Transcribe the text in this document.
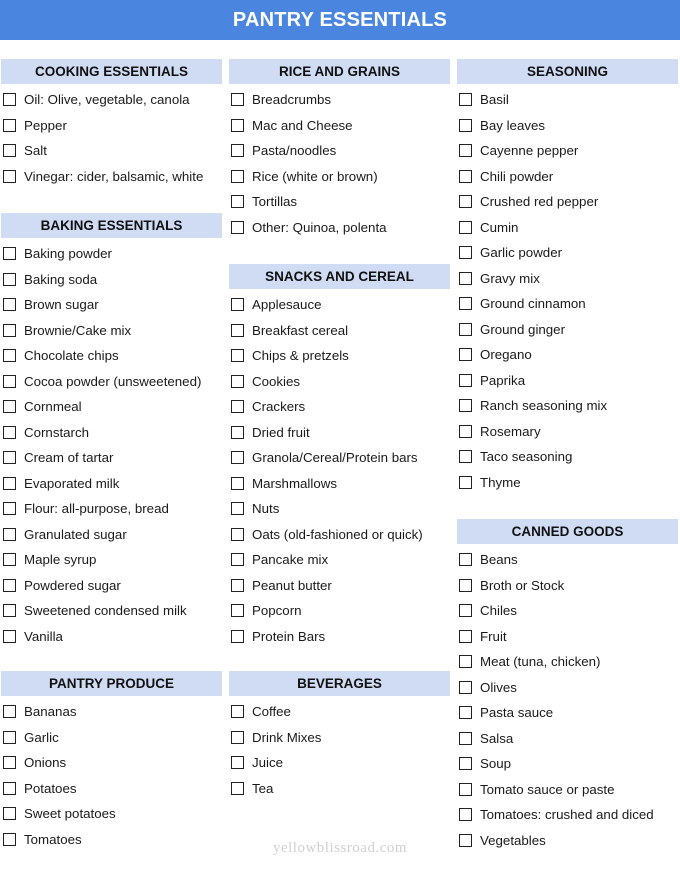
PANTRY ESSENTIALS
COOKING ESSENTIALS
Oil: Olive, vegetable, canola
Pepper
Salt
Vinegar: cider, balsamic, white
BAKING ESSENTIALS
Baking powder
Baking soda
Brown sugar
Brownie/Cake mix
Chocolate chips
Cocoa powder (unsweetened)
Cornmeal
Cornstarch
Cream of tartar
Evaporated milk
Flour: all-purpose, bread
Granulated sugar
Maple syrup
Powdered sugar
Sweetened condensed milk
Vanilla
PANTRY PRODUCE
Bananas
Garlic
Onions
Potatoes
Sweet potatoes
Tomatoes
RICE AND GRAINS
Breadcrumbs
Mac and Cheese
Pasta/noodles
Rice (white or brown)
Tortillas
Other: Quinoa, polenta
SNACKS AND CEREAL
Applesauce
Breakfast cereal
Chips & pretzels
Cookies
Crackers
Dried fruit
Granola/Cereal/Protein bars
Marshmallows
Nuts
Oats (old-fashioned or quick)
Pancake mix
Peanut butter
Popcorn
Protein Bars
BEVERAGES
Coffee
Drink Mixes
Juice
Tea
SEASONING
Basil
Bay leaves
Cayenne pepper
Chili powder
Crushed red pepper
Cumin
Garlic powder
Gravy mix
Ground cinnamon
Ground ginger
Oregano
Paprika
Ranch seasoning mix
Rosemary
Taco seasoning
Thyme
CANNED GOODS
Beans
Broth or Stock
Chiles
Fruit
Meat (tuna, chicken)
Olives
Pasta sauce
Salsa
Soup
Tomato sauce or paste
Tomatoes: crushed and diced
Vegetables
yellowblissroad.com
